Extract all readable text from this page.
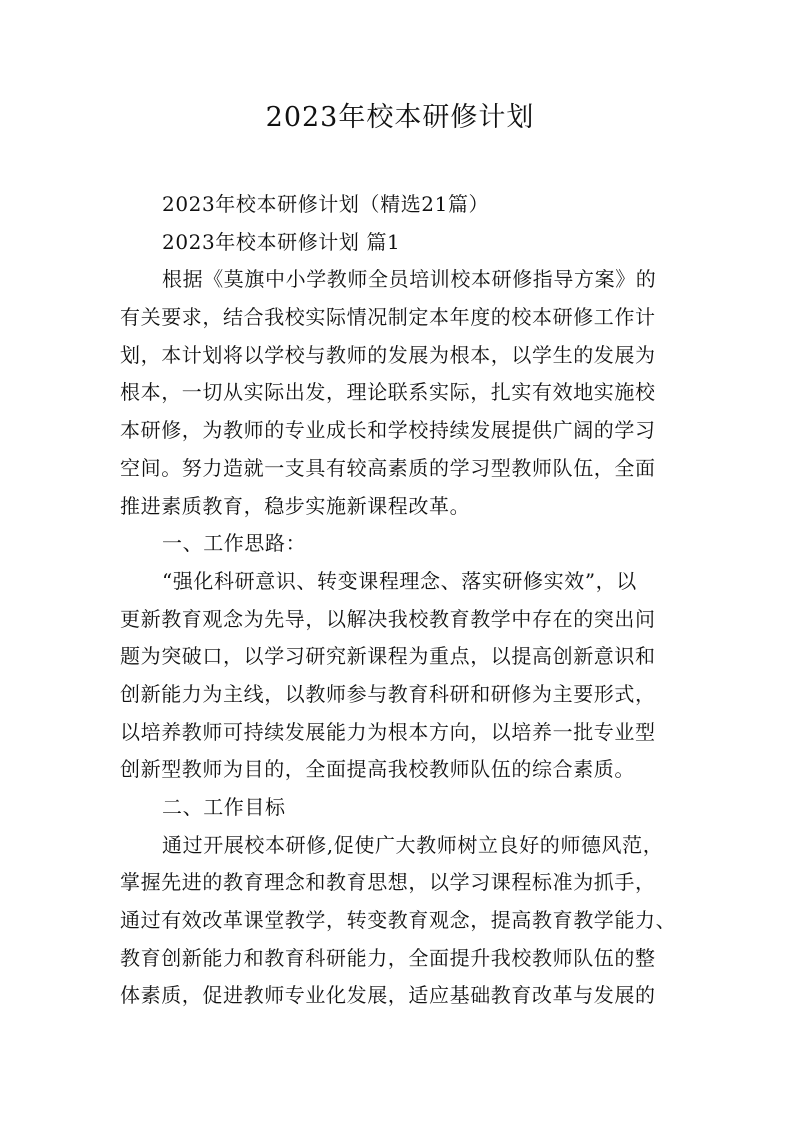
2023年校本研修计划
2023年校本研修计划（精选21篇）
2023年校本研修计划 篇1
根据《莫旗中小学教师全员培训校本研修指导方案》的
有关要求，结合我校实际情况制定本年度的校本研修工作计
划，本计划将以学校与教师的发展为根本，以学生的发展为
根本，一切从实际出发，理论联系实际，扎实有效地实施校
本研修，为教师的专业成长和学校持续发展提供广阔的学习
空间。努力造就一支具有较高素质的学习型教师队伍，全面
推进素质教育，稳步实施新课程改革。
一、工作思路：
“强化科研意识、转变课程理念、落实研修实效”，以
更新教育观念为先导，以解决我校教育教学中存在的突出问
题为突破口，以学习研究新课程为重点，以提高创新意识和
创新能力为主线，以教师参与教育科研和研修为主要形式，
以培养教师可持续发展能力为根本方向，以培养一批专业型
创新型教师为目的，全面提高我校教师队伍的综合素质。
二、工作目标
通过开展校本研修,促使广大教师树立良好的师德风范，
掌握先进的教育理念和教育思想，以学习课程标准为抓手，
通过有效改革课堂教学，转变教育观念，提高教育教学能力、
教育创新能力和教育科研能力，全面提升我校教师队伍的整
体素质，促进教师专业化发展，适应基础教育改革与发展的
